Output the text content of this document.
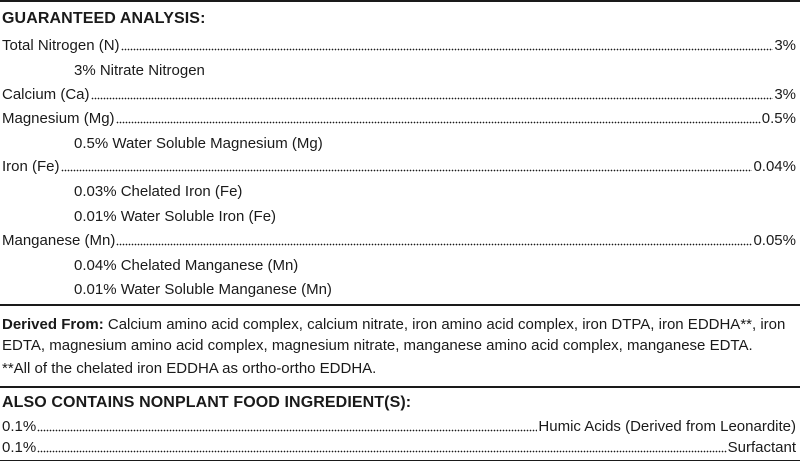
GUARANTEED ANALYSIS:
Total Nitrogen (N)	3%
3% Nitrate Nitrogen
Calcium (Ca)	3%
Magnesium (Mg)	0.5%
0.5% Water Soluble Magnesium (Mg)
Iron (Fe)	0.04%
0.03% Chelated Iron (Fe)
0.01% Water Soluble Iron (Fe)
Manganese (Mn)	0.05%
0.04% Chelated Manganese (Mn)
0.01% Water Soluble Manganese (Mn)
Derived From: Calcium amino acid complex, calcium nitrate, iron amino acid complex, iron DTPA, iron EDDHA**, iron EDTA, magnesium amino acid complex, magnesium nitrate, manganese amino acid complex, manganese EDTA.
**All of the chelated iron EDDHA as ortho-ortho EDDHA.
ALSO CONTAINS NONPLANT FOOD INGREDIENT(S):
0.1%	Humic Acids (Derived from Leonardite)
0.1%	Surfactant
